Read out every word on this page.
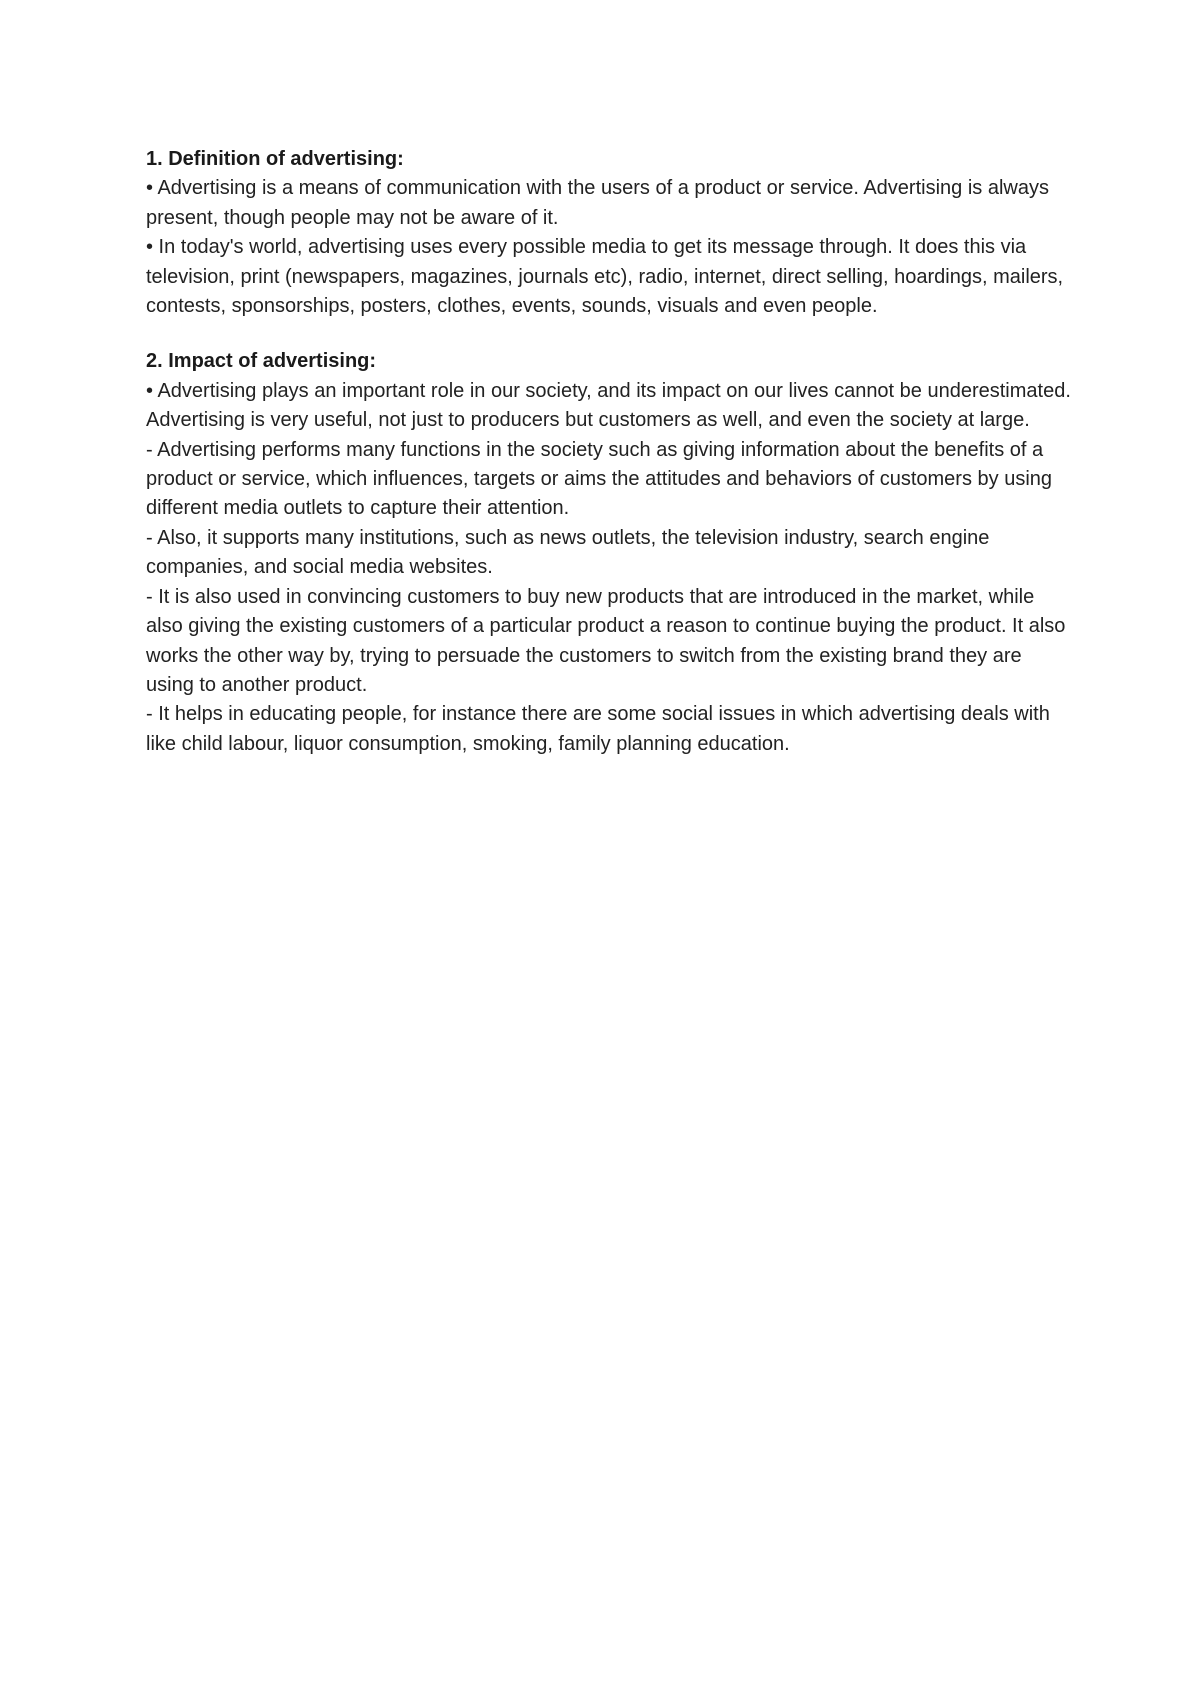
1. Definition of advertising:

• Advertising is a means of communication with the users of a product or service. Advertising is always present, though people may not be aware of it.

• In today's world, advertising uses every possible media to get its message through. It does this via television, print (newspapers, magazines, journals etc), radio, internet, direct selling, hoardings, mailers, contests, sponsorships, posters, clothes, events, sounds, visuals and even people.

2. Impact of advertising:

• Advertising plays an important role in our society, and its impact on our lives cannot be underestimated. Advertising is very useful, not just to producers but customers as well, and even the society at large.

- Advertising performs many functions in the society such as giving information about the benefits of a product or service, which influences, targets or aims the attitudes and behaviors of customers by using different media outlets to capture their attention.

- Also, it supports many institutions, such as news outlets, the television industry, search engine companies, and social media websites.

- It is also used in convincing customers to buy new products that are introduced in the market, while also giving the existing customers of a particular product a reason to continue buying the product. It also works the other way by, trying to persuade the customers to switch from the existing brand they are using to another product.

- It helps in educating people, for instance there are some social issues in which advertising deals with like child labour, liquor consumption, smoking, family planning education.
